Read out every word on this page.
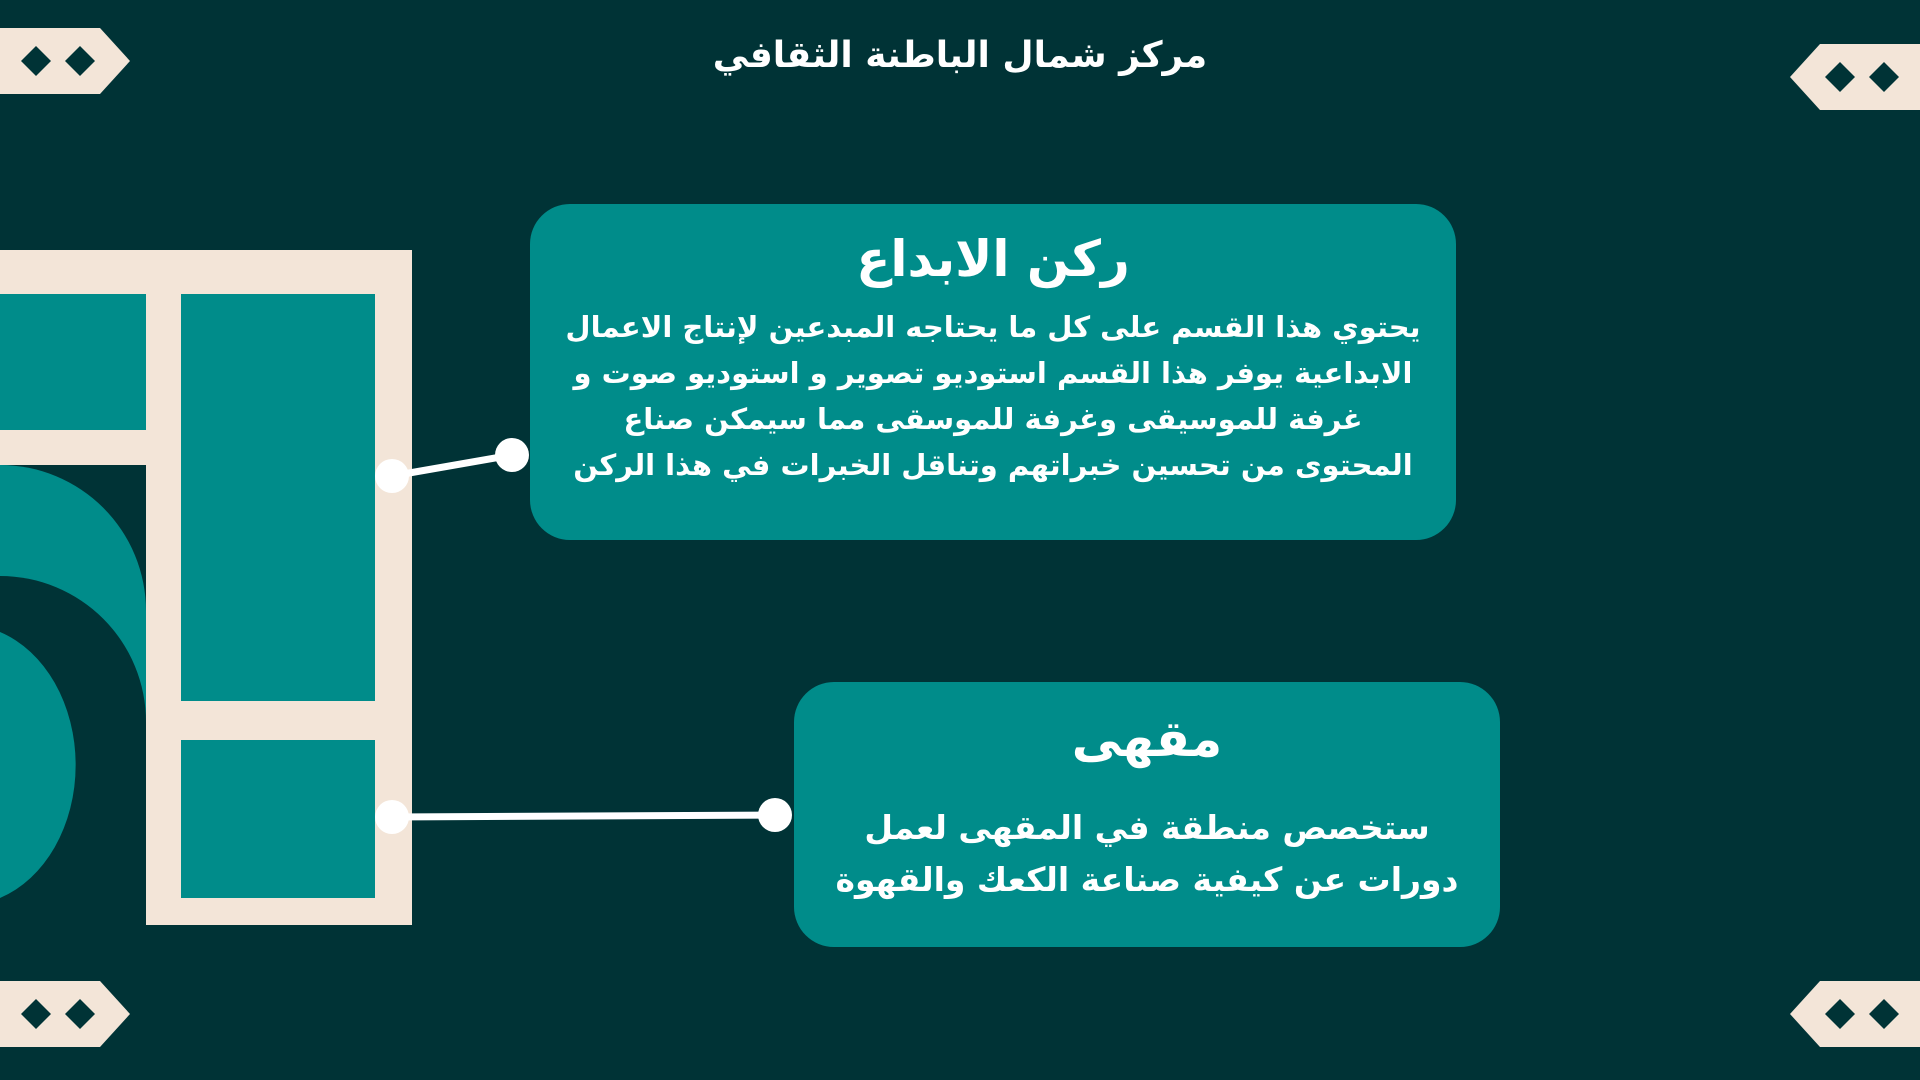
مركز شمال الباطنة الثقافي
ركن الابداع

يحتوي هذا القسم على كل ما يحتاجه المبدعين لإنتاج الاعمال الابداعية يوفر هذا القسم استوديو تصوير و استوديو صوت و غرفة للموسيقى وغرفة للموسقى مما سيمكن صناع المحتوى من تحسين خبراتهم وتناقل الخبرات في هذا الركن

مقهى

ستخصص منطقة في المقهى لعمل دورات عن كيفية صناعة الكعك والقهوة
